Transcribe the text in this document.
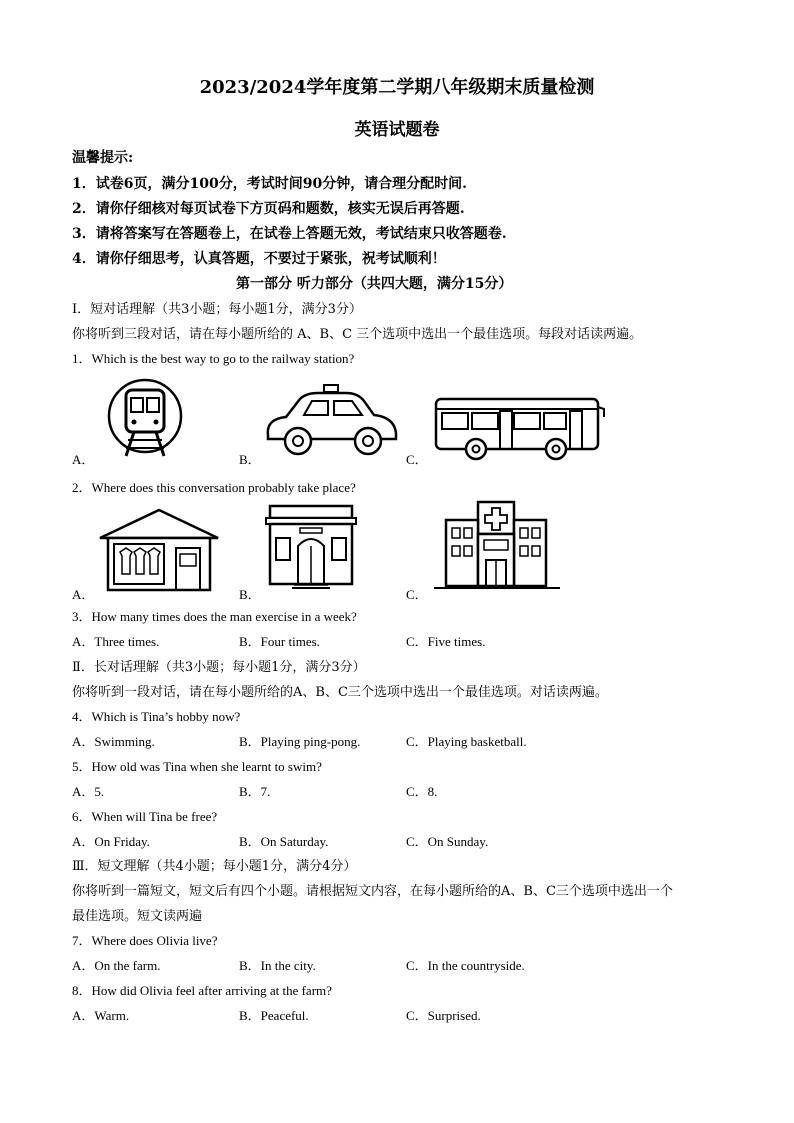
2023/2024学年度第二学期八年级期末质量检测
英语试题卷
温馨提示:
1．试卷6页，满分100分，考试时间90分钟，请合理分配时间.
2．请你仔细核对每页试卷下方页码和题数，核实无误后再答题.
3．请将答案写在答题卷上，在试卷上答题无效，考试结束只收答题卷.
4．请你仔细思考，认真答题，不要过于紧张，祝考试顺利！
第一部分 听力部分（共四大题，满分15分）
Ⅰ．短对话理解（共3小题；每小题1分，满分3分）
你将听到三段对话，请在每小题所给的 A、B、C 三个选项中选出一个最佳选项。每段对话读两遍。
1．Which is the best way to go to the railway station?
A．	B．	C．
2．Where does this conversation probably take place?
A．	B．	C．
3．How many times does the man exercise in a week?
A．Three times.	B．Four times.	C．Five times.
Ⅱ．长对话理解（共3小题；每小题1分，满分3分）
你将听到一段对话，请在每小题所给的A、B、C三个选项中选出一个最佳选项。对话读两遍。
4．Which is Tina’s hobby now?
A．Swimming.	B．Playing ping-pong.	C．Playing basketball.
5．How old was Tina when she learnt to swim?
A．5.	B．7.	C．8.
6．When will Tina be free?
A．On Friday.	B．On Saturday.	C．On Sunday.
Ⅲ．短文理解（共4小题；每小题1分，满分4分）
你将听到一篇短文，短文后有四个小题。请根据短文内容，在每小题所给的A、B、C三个选项中选出一个
最佳选项。短文读两遍
7．Where does Olivia live?
A．On the farm.	B．In the city.	C．In the countryside.
8．How did Olivia feel after arriving at the farm?
A．Warm.	B．Peaceful.	C．Surprised.
